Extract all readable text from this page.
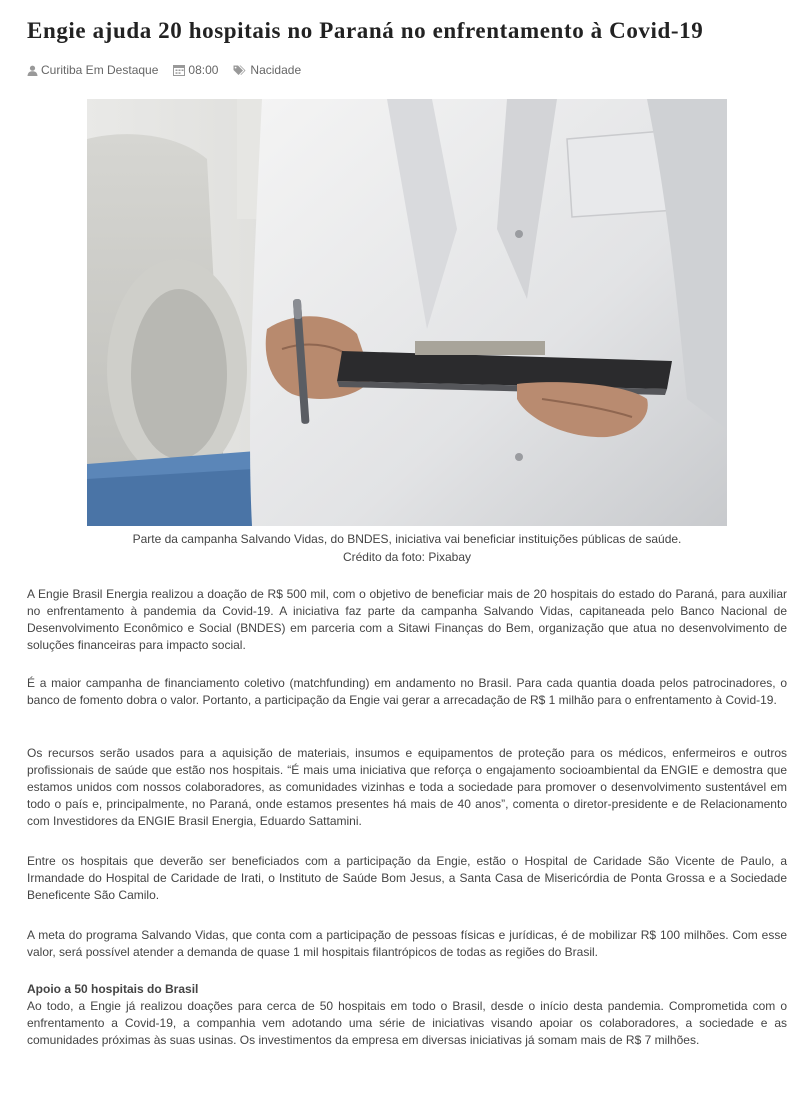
Engie ajuda 20 hospitais no Paraná no enfrentamento à Covid-19
Curitiba Em Destaque	08:00	Nacidade

Parte da campanha Salvando Vidas, do BNDES, iniciativa vai beneficiar instituições públicas de saúde.

Crédito da foto: Pixabay

A Engie Brasil Energia realizou a doação de R$ 500 mil, com o objetivo de beneficiar mais de 20 hospitais do estado do Paraná, para auxiliar no enfrentamento à pandemia da Covid-19. A iniciativa faz parte da campanha Salvando Vidas, capitaneada pelo Banco Nacional de Desenvolvimento Econômico e Social (BNDES) em parceria com a Sitawi Finanças do Bem, organização que atua no desenvolvimento de soluções financeiras para impacto social.

É a maior campanha de financiamento coletivo (matchfunding) em andamento no Brasil. Para cada quantia doada pelos patrocinadores, o banco de fomento dobra o valor. Portanto, a participação da Engie vai gerar a arrecadação de R$ 1 milhão para o enfrentamento à Covid-19.

Os recursos serão usados para a aquisição de materiais, insumos e equipamentos de proteção para os médicos, enfermeiros e outros profissionais de saúde que estão nos hospitais. “É mais uma iniciativa que reforça o engajamento socioambiental da ENGIE e demostra que estamos unidos com nossos colaboradores, as comunidades vizinhas e toda a sociedade para promover o desenvolvimento sustentável em todo o país e, principalmente, no Paraná, onde estamos presentes há mais de 40 anos”, comenta o diretor-presidente e de Relacionamento com Investidores da ENGIE Brasil Energia, Eduardo Sattamini.

Entre os hospitais que deverão ser beneficiados com a participação da Engie, estão o Hospital de Caridade São Vicente de Paulo, a Irmandade do Hospital de Caridade de Irati, o Instituto de Saúde Bom Jesus, a Santa Casa de Misericórdia de Ponta Grossa e a Sociedade Beneficente São Camilo.

A meta do programa Salvando Vidas, que conta com a participação de pessoas físicas e jurídicas, é de mobilizar R$ 100 milhões. Com esse valor, será possível atender a demanda de quase 1 mil hospitais filantrópicos de todas as regiões do Brasil.

Apoio a 50 hospitais do Brasil

Ao todo, a Engie já realizou doações para cerca de 50 hospitais em todo o Brasil, desde o início desta pandemia. Comprometida com o enfrentamento a Covid-19, a companhia vem adotando uma série de iniciativas visando apoiar os colaboradores, a sociedade e as comunidades próximas às suas usinas. Os investimentos da empresa em diversas iniciativas já somam mais de R$ 7 milhões.
